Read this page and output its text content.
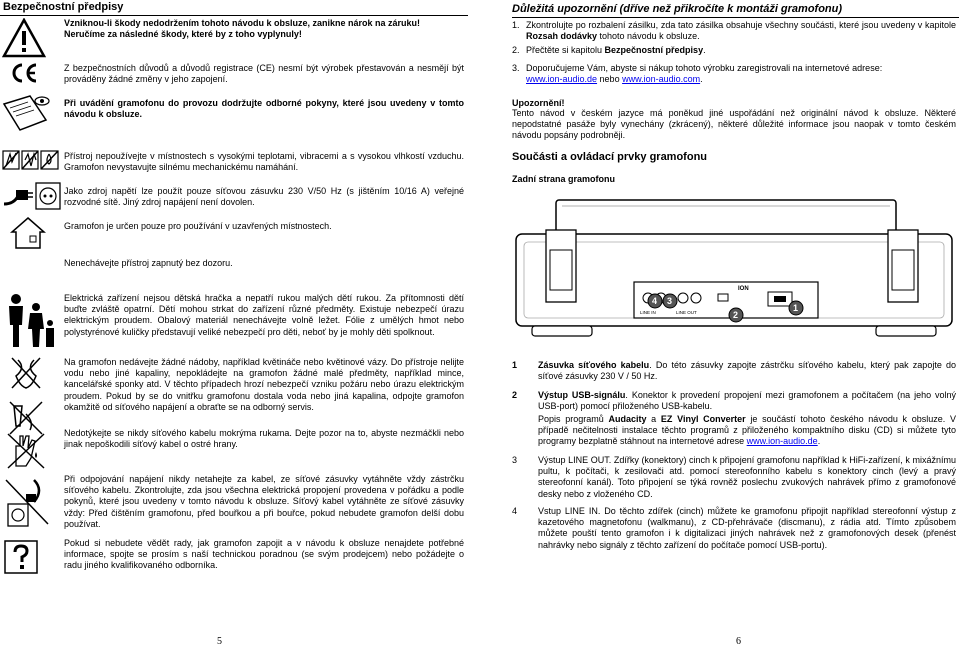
Bezpečnostní předpisy
Vzniknou-li škody nedodržením tohoto návodu k obsluze, zanikne nárok na záruku!
Neručíme za následné škody, které by z toho vyplynuly!
Z bezpečnostních důvodů a důvodů registrace (CE) nesmí být výrobek přestavován a nesmějí být prováděny žádné změny v jeho zapojení.
Při uvádění gramofonu do provozu dodržujte odborné pokyny, které jsou uvedeny v tomto návodu k obsluze.
Přístroj nepoužívejte v místnostech s vysokými teplotami, vibracemi a s vysokou vlhkostí vzduchu. Gramofon nevystavujte silnému mechanickému namáhání.
Jako zdroj napětí lze použít pouze síťovou zásuvku 230 V/50 Hz (s jištěním 10/16 A) veřejné rozvodné sítě. Jiný zdroj napájení není dovolen.
Gramofon je určen pouze pro používání v uzavřených místnostech.
Nenechávejte přístroj zapnutý bez dozoru.
Elektrická zařízení nejsou dětská hračka a nepatří rukou malých dětí rukou. Za přítomnosti dětí buďte zvláště opatrní. Dětí mohou strkat do zařízení různé předměty. Existuje nebezpečí úrazu elektrickým proudem. Obalový materiál nenechávejte volně ležet. Fólie z umělých hmot nebo polystyrénové kuličky představují veliké nebezpečí pro děti, neboť by je mohly děti spolknout.
Na gramofon nedávejte žádné nádoby, například květináče nebo květinové vázy. Do přístroje nelijte vodu nebo jiné kapaliny, nepokládejte na gramofon žádné malé předměty, například mince, kancelářské sponky atd. V těchto případech hrozí nebezpečí vzniku požáru nebo úrazu elektrickým proudem. Pokud by se do vnitřku gramofonu dostala voda nebo jiná kapalina, odpojte gramofon okamžitě od síťového napájení a obraťte se na odborný servis.
Nedotýkejte se nikdy síťového kabelu mokrýma rukama. Dejte pozor na to, abyste nezmáčkli nebo jinak nepoškodili síťový kabel o ostré hrany.
Při odpojování napájení nikdy netahejte za kabel, ze síťové zásuvky vytáhněte vždy zástrčku síťového kabelu. Zkontrolujte, zda jsou všechna elektrická propojení provedena v pořádku a podle pokynů, které jsou uvedeny v tomto návodu k obsluze. Síťový kabel vytáhněte ze síťové zásuvky vždy: Před čištěním gramofonu, před bouřkou a při bouřce, pokud nebudete gramofon delší dobu používat.
Pokud si nebudete vědět rady, jak gramofon zapojit a v návodu k obsluze nenajdete potřebné informace, spojte se prosím s naší technickou poradnou (se svým prodejcem) nebo požádejte o radu jiného kvalifikovaného odborníka.
5
Důležitá upozornění (dříve než přikročíte k montáži gramofonu)
1. Zkontrolujte po rozbalení zásilku, zda tato zásilka obsahuje všechny součásti, které jsou uvedeny v kapitole Rozsah dodávky tohoto návodu k obsluze.
2. Přečtěte si kapitolu Bezpečnostní předpisy.
3. Doporučujeme Vám, abyste si nákup tohoto výrobku zaregistrovali na internetové adrese:
www.ion-audio.de nebo www.ion-audio.com.
Upozornění!
Tento návod v českém jazyce má poněkud jiné uspořádání než originální návod k obsluze. Některé nepodstatné pasáže byly vynechány (zkrácený), některé důležité informace jsou naopak v tomto českém návodu popsány podrobněji.
Součásti a ovládací prvky gramofonu
Zadní strana gramofonu
ION
LINE IN	LINE OUT
4 3
2
1
1 Zásuvka síťového kabelu. Do této zásuvky zapojte zástrčku síťového kabelu, který pak zapojte do síťové zásuvky 230 V / 50 Hz.
2 Výstup USB-signálu. Konektor k provedení propojení mezi gramofonem a počítačem (na jeho volný USB-port) pomocí přiloženého USB-kabelu.
Popis programů Audacity a EZ Vinyl Converter je součástí tohoto českého návodu k obsluze. V případě nečitelnosti instalace těchto programů z přiloženého kompaktního disku (CD) si můžete tyto programy bezplatně stáhnout na internetové adrese www.ion-audio.de.
3 Výstup LINE OUT. Zdířky (konektory) cinch k připojení gramofonu například k HiFi-zařízení, k mixážnímu pultu, k počítači, k zesilovači atd. pomocí stereofonního kabelu s konektory cinch (levý a pravý stereofonní kanál). Toto připojení se týká rovněž poslechu zvukových nahrávek přímo z gramofonové desky nebo z vloženého CD.
4 Vstup LINE IN. Do těchto zdířek (cinch) můžete ke gramofonu připojit například stereofonní výstup z kazetového magnetofonu (walkmanu), z CD-přehrávače (discmanu), z rádia atd. Tímto způsobem můžete pouští tento gramofon i k digitalizaci jiných nahrávek než z gramofonových desek (přenést nahrávky nebo signály z těchto zařízení do počítače pomocí USB-portu).
6
